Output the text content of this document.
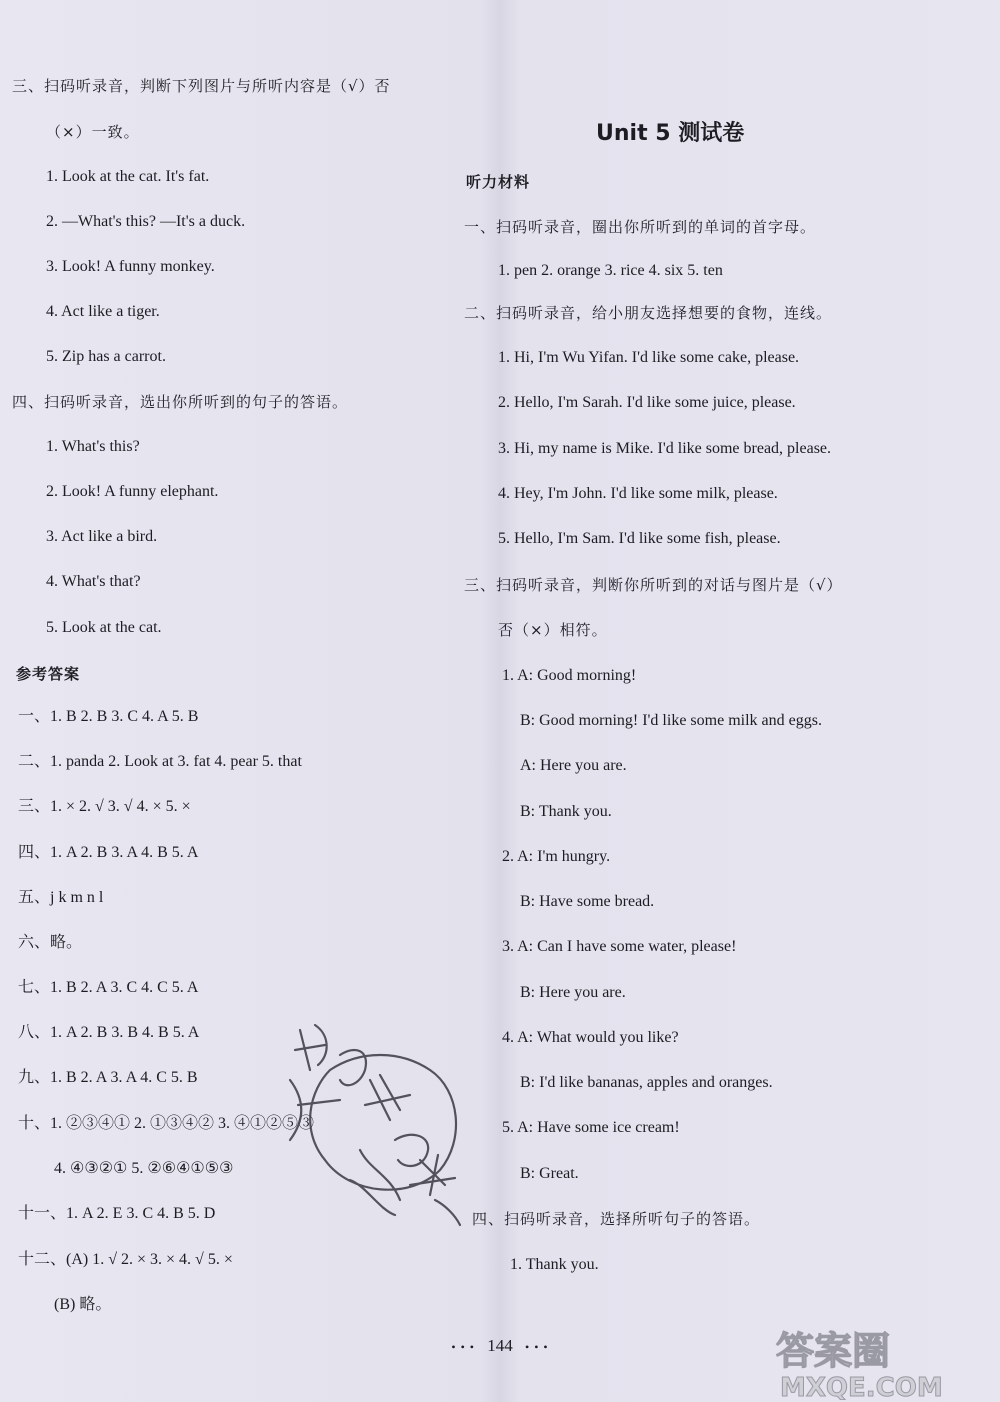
三、扫码听录音，判断下列图片与所听内容是（√）否
（×）一致。
1. Look at the cat. It's fat.
2. —What's this? —It's a duck.
3. Look! A funny monkey.
4. Act like a tiger.
5. Zip has a carrot.
四、扫码听录音，选出你所听到的句子的答语。
1. What's this?
2. Look! A funny elephant.
3. Act like a bird.
4. What's that?
5. Look at the cat.
参考答案
一、1. B 2. B 3. C 4. A 5. B
二、1. panda 2. Look at 3. fat 4. pear 5. that
三、1. × 2. √ 3. √ 4. × 5. ×
四、1. A 2. B 3. A 4. B 5. A
五、j k m n l
六、略。
七、1. B 2. A 3. C 4. C 5. A
八、1. A 2. B 3. B 4. B 5. A
九、1. B 2. A 3. A 4. C 5. B
十、1. ②③④① 2. ①③④② 3. ④①②⑤③
4. ④③②① 5. ②⑥④①⑤③
十一、1. A 2. E 3. C 4. B 5. D
十二、(A) 1. √ 2. × 3. × 4. √ 5. ×
(B) 略。
Unit 5 测试卷
听力材料
一、扫码听录音，圈出你所听到的单词的首字母。
1. pen 2. orange 3. rice 4. six 5. ten
二、扫码听录音，给小朋友选择想要的食物，连线。
1. Hi, I'm Wu Yifan. I'd like some cake, please.
2. Hello, I'm Sarah. I'd like some juice, please.
3. Hi, my name is Mike. I'd like some bread, please.
4. Hey, I'm John. I'd like some milk, please.
5. Hello, I'm Sam. I'd like some fish, please.
三、扫码听录音，判断你所听到的对话与图片是（√）
否（×）相符。
1. A: Good morning!
B: Good morning! I'd like some milk and eggs.
A: Here you are.
B: Thank you.
2. A: I'm hungry.
B: Have some bread.
3. A: Can I have some water, please!
B: Here you are.
4. A: What would you like?
B: I'd like bananas, apples and oranges.
5. A: Have some ice cream!
B: Great.
四、扫码听录音，选择所听句子的答语。
1. Thank you.
• • • 144 • • •	答案圈
MXQE.COM
